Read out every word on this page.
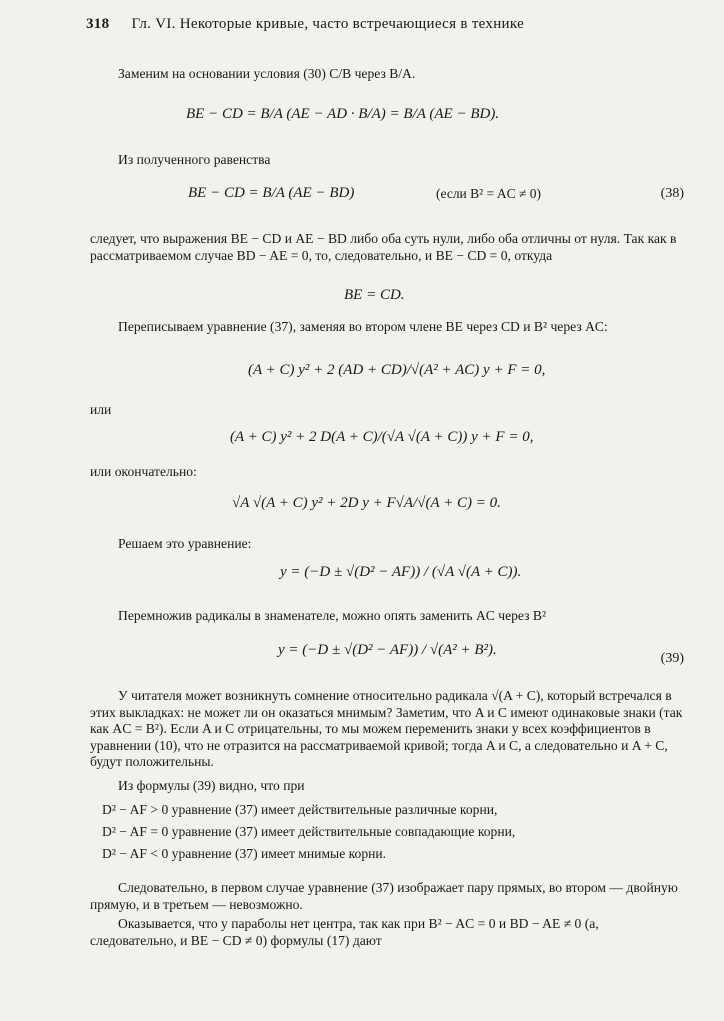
318 Гл. VI. Некоторые кривые, часто встречающиеся в технике
Заменим на основании условия (30) C/B через B/A.
BE − CD = B/A (AE − AD · B/A) = B/A (AE − BD).
Из полученного равенства
BE − CD = B/A (AE − BD)	(если B² = AC ≠ 0)	(38)
следует, что выражения BE − CD и AE − BD либо оба суть нули, либо оба отличны от нуля. Так как в рассматриваемом случае BD − AE = 0, то, следовательно, и BE − CD = 0, откуда
BE = CD.
Переписываем уравнение (37), заменяя во втором члене BE через CD и B² через AC:
(A + C) y² + 2 (AD + CD)/√(A² + AC) y + F = 0,
или
(A + C) y² + 2 D(A + C)/(√A √(A + C)) y + F = 0,
или окончательно:
√A √(A + C) y² + 2D y + F√A/√(A + C) = 0.
Решаем это уравнение:
y = (−D ± √(D² − AF)) / (√A √(A + C)).
Перемножив радикалы в знаменателе, можно опять заменить AC через B²
y = (−D ± √(D² − AF)) / √(A² + B²).
(39)
У читателя может возникнуть сомнение относительно радикала √(A + C), который встречался в этих выкладках: не может ли он оказаться мнимым? Заметим, что A и C имеют одинаковые знаки (так как AC = B²). Если A и C отрицательны, то мы можем переменить знаки у всех коэффициентов в уравнении (10), что не отразится на рассматриваемой кривой; тогда A и C, а следовательно и A + C, будут положительны.
Из формулы (39) видно, что при
D² − AF > 0 уравнение (37) имеет действительные различные корни,
D² − AF = 0 уравнение (37) имеет действительные совпадающие корни,
D² − AF < 0 уравнение (37) имеет мнимые корни.
Следовательно, в первом случае уравнение (37) изображает пару прямых, во втором — двойную прямую, и в третьем — невозможно.
Оказывается, что у параболы нет центра, так как при B² − AC = 0 и BD − AE ≠ 0 (а, следовательно, и BE − CD ≠ 0) формулы (17) дают
